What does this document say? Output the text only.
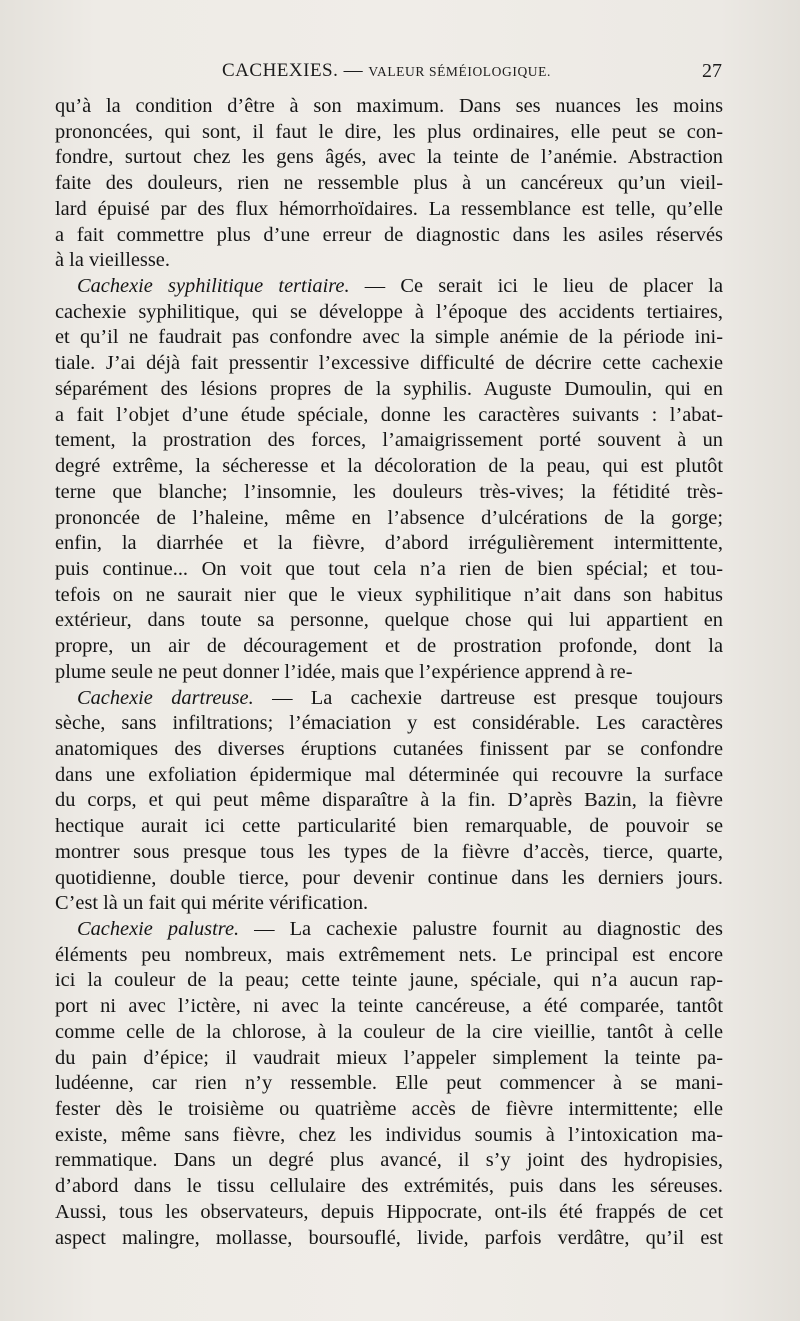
CACHEXIES. — VALEUR SÉMÉIOLOGIQUE.	27
qu’à la condition d’être à son maximum. Dans ses nuances les moins
prononcées, qui sont, il faut le dire, les plus ordinaires, elle peut se con-
fondre, surtout chez les gens âgés, avec la teinte de l’anémie. Abstraction
faite des douleurs, rien ne ressemble plus à un cancéreux qu’un vieil-
lard épuisé par des flux hémorrhoïdaires. La ressemblance est telle, qu’elle
a fait commettre plus d’une erreur de diagnostic dans les asiles réservés
à la vieillesse.
Cachexie syphilitique tertiaire. — Ce serait ici le lieu de placer la
cachexie syphilitique, qui se développe à l’époque des accidents tertiaires,
et qu’il ne faudrait pas confondre avec la simple anémie de la période ini-
tiale. J’ai déjà fait pressentir l’excessive difficulté de décrire cette cachexie
séparément des lésions propres de la syphilis. Auguste Dumoulin, qui en
a fait l’objet d’une étude spéciale, donne les caractères suivants : l’abat-
tement, la prostration des forces, l’amaigrissement porté souvent à un
degré extrême, la sécheresse et la décoloration de la peau, qui est plutôt
terne que blanche; l’insomnie, les douleurs très-vives; la fétidité très-
prononcée de l’haleine, même en l’absence d’ulcérations de la gorge;
enfin, la diarrhée et la fièvre, d’abord irrégulièrement intermittente,
puis continue... On voit que tout cela n’a rien de bien spécial; et tou-
tefois on ne saurait nier que le vieux syphilitique n’ait dans son habitus
extérieur, dans toute sa personne, quelque chose qui lui appartient en
propre, un air de découragement et de prostration profonde, dont la
plume seule ne peut donner l’idée, mais que l’expérience apprend à re-
Cachexie dartreuse. — La cachexie dartreuse est presque toujours
sèche, sans infiltrations; l’émaciation y est considérable. Les caractères
anatomiques des diverses éruptions cutanées finissent par se confondre
dans une exfoliation épidermique mal déterminée qui recouvre la surface
du corps, et qui peut même disparaître à la fin. D’après Bazin, la fièvre
hectique aurait ici cette particularité bien remarquable, de pouvoir se
montrer sous presque tous les types de la fièvre d’accès, tierce, quarte,
quotidienne, double tierce, pour devenir continue dans les derniers jours.
C’est là un fait qui mérite vérification.
Cachexie palustre. — La cachexie palustre fournit au diagnostic des
éléments peu nombreux, mais extrêmement nets. Le principal est encore
ici la couleur de la peau; cette teinte jaune, spéciale, qui n’a aucun rap-
port ni avec l’ictère, ni avec la teinte cancéreuse, a été comparée, tantôt
comme celle de la chlorose, à la couleur de la cire vieillie, tantôt à celle
du pain d’épice; il vaudrait mieux l’appeler simplement la teinte pa-
ludéenne, car rien n’y ressemble. Elle peut commencer à se mani-
fester dès le troisième ou quatrième accès de fièvre intermittente; elle
existe, même sans fièvre, chez les individus soumis à l’intoxication ma-
remmatique. Dans un degré plus avancé, il s’y joint des hydropisies,
d’abord dans le tissu cellulaire des extrémités, puis dans les séreuses.
Aussi, tous les observateurs, depuis Hippocrate, ont-ils été frappés de cet
aspect malingre, mollasse, boursouflé, livide, parfois verdâtre, qu’il est
